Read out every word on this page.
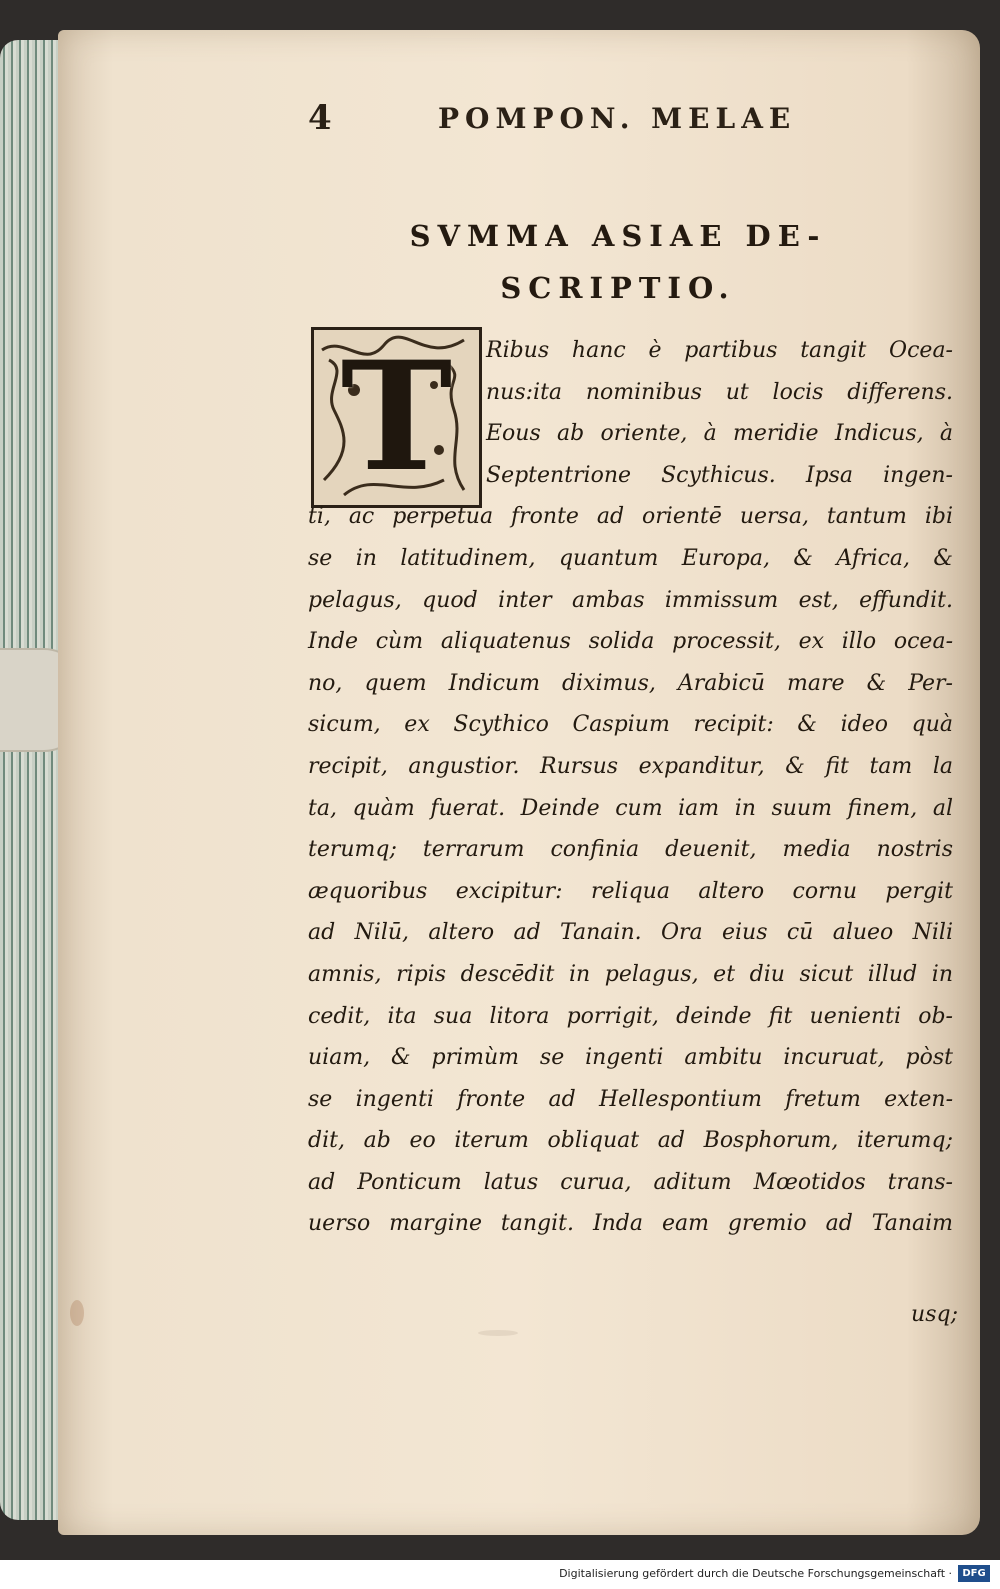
4	POMPON. MELAE
SVMMA ASIAE DE-
SCRIPTIO.
T	Ribus hanc è partibus tangit Ocea-
nus:ita nominibus ut locis differens.
Eous ab oriente, à meridie Indicus, à
Septentrione Scythicus. Ipsa ingen-
ti, ac perpetua fronte ad orientē uersa, tantum ibi
se in latitudinem, quantum Europa, & Africa, &
pelagus, quod inter ambas immissum est, effundit.
Inde cùm aliquatenus solida processit, ex illo ocea-
no, quem Indicum diximus, Arabicū mare & Per-
sicum, ex Scythico Caspium recipit: & ideo quà
recipit, angustior. Rursus expanditur, & fit tam la
ta, quàm fuerat. Deinde cum iam in suum finem, al
terumq; terrarum confinia deuenit, media nostris
æquoribus excipitur: reliqua altero cornu pergit
ad Nilū, altero ad Tanain. Ora eius cū alueo Nili
amnis, ripis descēdit in pelagus, et diu sicut illud in
cedit, ita sua litora porrigit, deinde fit uenienti ob-
uiam, & primùm se ingenti ambitu incuruat, pòst
se ingenti fronte ad Hellespontium fretum exten-
dit, ab eo iterum obliquat ad Bosphorum, iterumq;
ad Ponticum latus curua, aditum Mœotidos trans-
uerso margine tangit. Inda eam gremio ad Tanaim
usq;
Digitalisierung gefördert durch die Deutsche Forschungsgemeinschaft ·	DFG
